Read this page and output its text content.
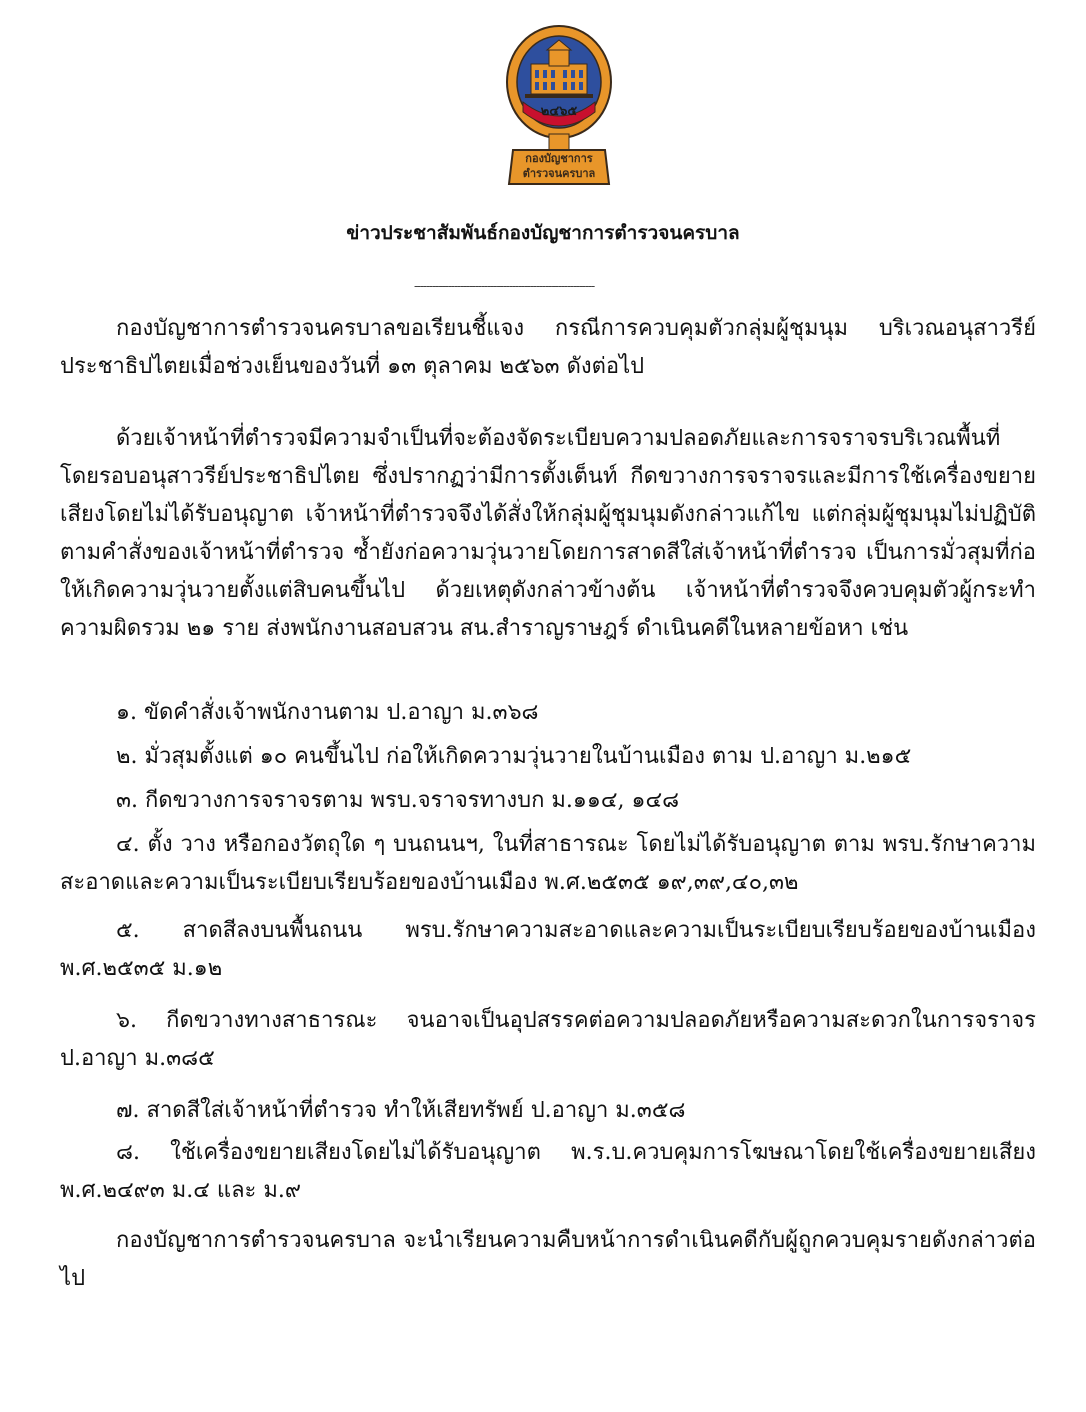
๒๔๖๕
กองบัญชาการ
ตำรวจนครบาล
ข่าวประชาสัมพันธ์กองบัญชาการตำรวจนครบาล
-----------------------------------------------------------
กองบัญชาการตำรวจนครบาลขอเรียนชี้แจง กรณีการควบคุมตัวกลุ่มผู้ชุมนุม บริเวณอนุสาวรีย์ประชาธิปไตยเมื่อช่วงเย็นของวันที่ ๑๓ ตุลาคม ๒๕๖๓ ดังต่อไป
ด้วยเจ้าหน้าที่ตำรวจมีความจำเป็นที่จะต้องจัดระเบียบความปลอดภัยและการจราจรบริเวณพื้นที่โดยรอบอนุสาวรีย์ประชาธิปไตย ซึ่งปรากฏว่ามีการตั้งเต็นท์ กีดขวางการจราจรและมีการใช้เครื่องขยายเสียงโดยไม่ได้รับอนุญาต เจ้าหน้าที่ตำรวจจึงได้สั่งให้กลุ่มผู้ชุมนุมดังกล่าวแก้ไข แต่กลุ่มผู้ชุมนุมไม่ปฏิบัติตามคำสั่งของเจ้าหน้าที่ตำรวจ ซ้ำยังก่อความวุ่นวายโดยการสาดสีใส่เจ้าหน้าที่ตำรวจ เป็นการมั่วสุมที่ก่อให้เกิดความวุ่นวายตั้งแต่สิบคนขึ้นไป ด้วยเหตุดังกล่าวข้างต้น เจ้าหน้าที่ตำรวจจึงควบคุมตัวผู้กระทำความผิดรวม ๒๑ ราย ส่งพนักงานสอบสวน สน.สำราญราษฎร์ ดำเนินคดีในหลายข้อหา เช่น
๑. ขัดคำสั่งเจ้าพนักงานตาม ป.อาญา ม.๓๖๘
๒. มั่วสุมตั้งแต่ ๑๐ คนขึ้นไป ก่อให้เกิดความวุ่นวายในบ้านเมือง ตาม ป.อาญา ม.๒๑๕
๓. กีดขวางการจราจรตาม พรบ.จราจรทางบก ม.๑๑๔, ๑๔๘
๔. ตั้ง วาง หรือกองวัตถุใด ๆ บนถนนฯ, ในที่สาธารณะ โดยไม่ได้รับอนุญาต ตาม พรบ.รักษาความสะอาดและความเป็นระเบียบเรียบร้อยของบ้านเมือง พ.ศ.๒๕๓๕ ๑๙,๓๙,๔๐,๓๒
๕. สาดสีลงบนพื้นถนน พรบ.รักษาความสะอาดและความเป็นระเบียบเรียบร้อยของบ้านเมือง พ.ศ.๒๕๓๕ ม.๑๒
๖. กีดขวางทางสาธารณะ จนอาจเป็นอุปสรรคต่อความปลอดภัยหรือความสะดวกในการจราจร ป.อาญา ม.๓๘๕
๗. สาดสีใส่เจ้าหน้าที่ตำรวจ ทำให้เสียทรัพย์ ป.อาญา ม.๓๕๘
๘. ใช้เครื่องขยายเสียงโดยไม่ได้รับอนุญาต พ.ร.บ.ควบคุมการโฆษณาโดยใช้เครื่องขยายเสียง พ.ศ.๒๔๙๓ ม.๔ และ ม.๙
กองบัญชาการตำรวจนครบาล จะนำเรียนความคืบหน้าการดำเนินคดีกับผู้ถูกควบคุมรายดังกล่าวต่อไป
